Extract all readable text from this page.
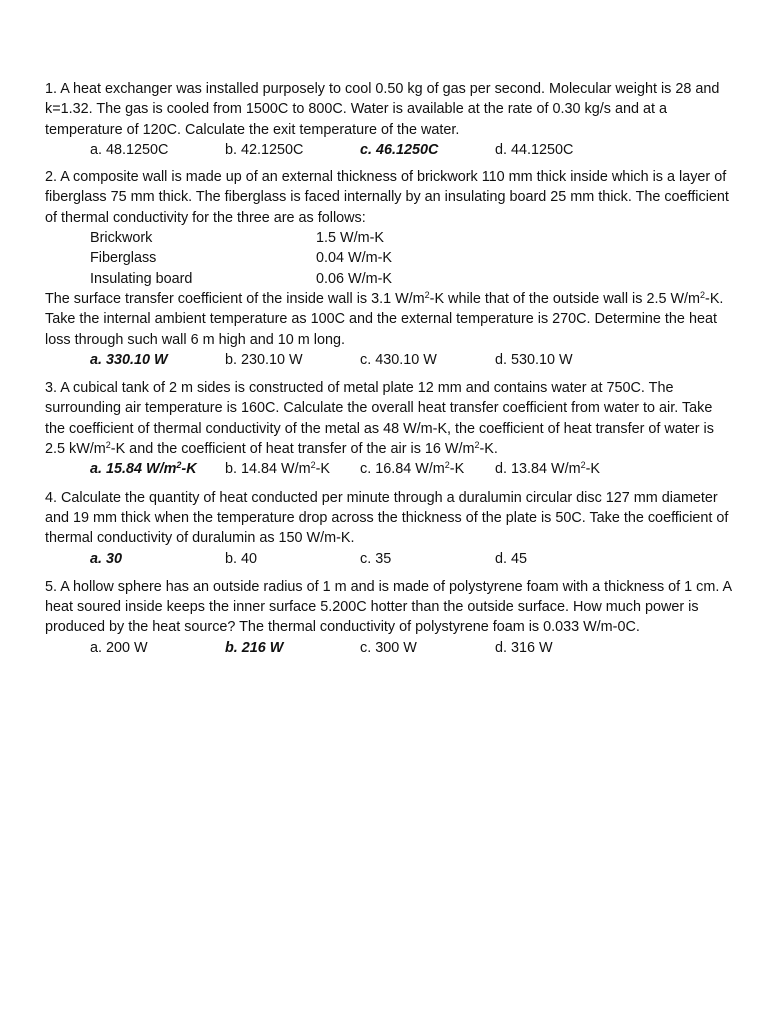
1. A heat exchanger was installed purposely to cool 0.50 kg of gas per second. Molecular weight is 28 and k=1.32. The gas is cooled from 1500C to 800C. Water is available at the rate of 0.30 kg/s and at a temperature of 120C. Calculate the exit temperature of the water.

a. 48.1250C	b. 42.1250C	c. 46.1250C	d. 44.1250C

2. A composite wall is made up of an external thickness of brickwork 110 mm thick inside which is a layer of fiberglass 75 mm thick. The fiberglass is faced internally by an insulating board 25 mm thick. The coefficient of thermal conductivity for the three are as follows:

Brickwork	1.5 W/m-K
Fiberglass	0.04 W/m-K
Insulating board	0.06 W/m-K

The surface transfer coefficient of the inside wall is 3.1 $W/m^2-K$ while that of the outside wall is 2.5 $W/m^2-K$. Take the internal ambient temperature as 100C and the external temperature is 270C. Determine the heat loss through such wall 6 m high and 10 m long.

a. 330.10 W	b. 230.10 W	c. 430.10 W	d. 530.10 W

3. A cubical tank of 2 m sides is constructed of metal plate 12 mm and contains water at 750C. The surrounding air temperature is 160C. Calculate the overall heat transfer coefficient from water to air. Take the coefficient of thermal conductivity of the metal as 48 W/m-K, the coefficient of heat transfer of water is 2.5 $kW/m^2-K$ and the coefficient of heat transfer of the air is 16 $W/m^2-K$.

a. 15.84 $W/m^2-K$	b. 14.84 $W/m^2-K$	c. 16.84 $W/m^2-K$	d. 13.84 $W/m^2-K$

4. Calculate the quantity of heat conducted per minute through a duralumin circular disc 127 mm diameter and 19 mm thick when the temperature drop across the thickness of the plate is 50C. Take the coefficient of thermal conductivity of duralumin as 150 W/m-K.

a. 30	b. 40	c. 35	d. 45

5. A hollow sphere has an outside radius of 1 m and is made of polystyrene foam with a thickness of 1 cm. A heat soured inside keeps the inner surface 5.200C hotter than the outside surface. How much power is produced by the heat source? The thermal conductivity of polystyrene foam is 0.033 W/m-0C.

a. 200 W	b. 216 W	c. 300 W	d. 316 W
